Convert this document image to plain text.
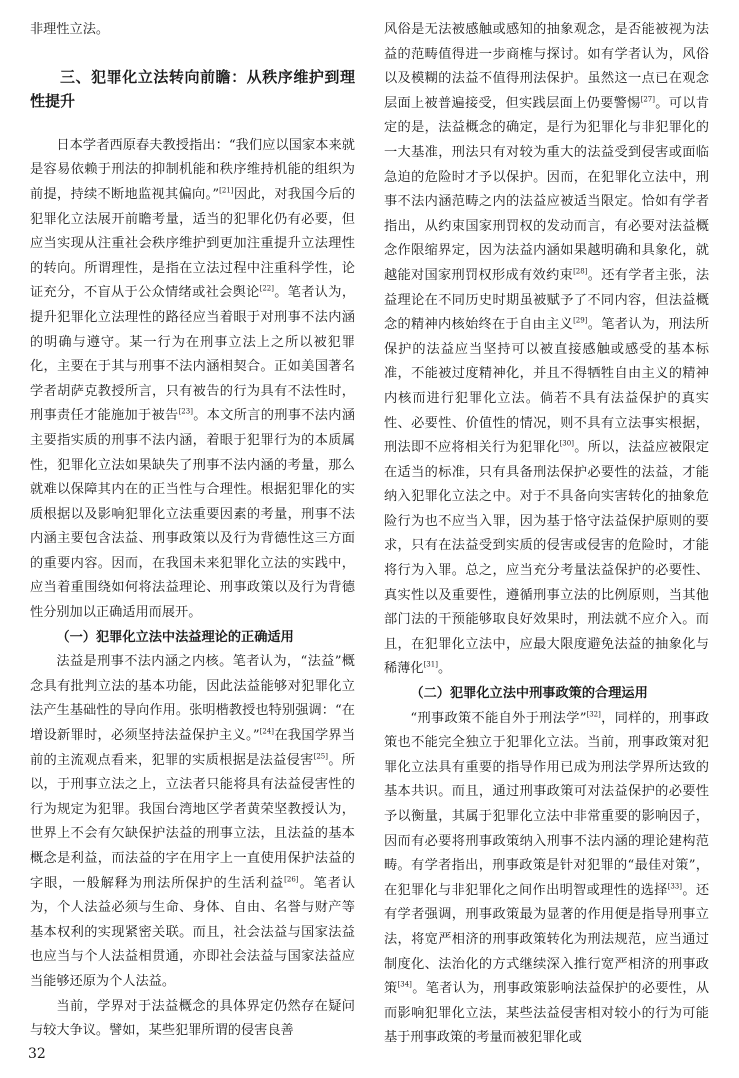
非理性立法。

三、犯罪化立法转向前瞻：从秩序维护到理性提升

日本学者西原春夫教授指出：“我们应以国家本来就是容易依赖于刑法的抑制机能和秩序维持机能的组织为前提，持续不断地监视其偏向。”[21]因此，对我国今后的犯罪化立法展开前瞻考量，适当的犯罪化仍有必要，但应当实现从注重社会秩序维护到更加注重提升立法理性的转向。所谓理性，是指在立法过程中注重科学性，论证充分，不盲从于公众情绪或社会舆论[22]。笔者认为，提升犯罪化立法理性的路径应当着眼于对刑事不法内涵的明确与遵守。某一行为在刑事立法上之所以被犯罪化，主要在于其与刑事不法内涵相契合。正如美国著名学者胡萨克教授所言，只有被告的行为具有不法性时，刑事责任才能施加于被告[23]。本文所言的刑事不法内涵主要指实质的刑事不法内涵，着眼于犯罪行为的本质属性，犯罪化立法如果缺失了刑事不法内涵的考量，那么就难以保障其内在的正当性与合理性。根据犯罪化的实质根据以及影响犯罪化立法重要因素的考量，刑事不法内涵主要包含法益、刑事政策以及行为背德性这三方面的重要内容。因而，在我国未来犯罪化立法的实践中，应当着重围绕如何将法益理论、刑事政策以及行为背德性分别加以正确适用而展开。

（一）犯罪化立法中法益理论的正确适用

法益是刑事不法内涵之内核。笔者认为，“法益”概念具有批判立法的基本功能，因此法益能够对犯罪化立法产生基础性的导向作用。张明楷教授也特别强调：“在增设新罪时，必须坚持法益保护主义。”[24]在我国学界当前的主流观点看来，犯罪的实质根据是法益侵害[25]。所以，于刑事立法之上，立法者只能将具有法益侵害性的行为规定为犯罪。我国台湾地区学者黄荣坚教授认为，世界上不会有欠缺保护法益的刑事立法，且法益的基本概念是利益，而法益的字在用字上一直使用保护法益的字眼，一般解释为刑法所保护的生活利益[26]。笔者认为，个人法益必须与生命、身体、自由、名誉与财产等基本权利的实现紧密关联。而且，社会法益与国家法益也应当与个人法益相贯通，亦即社会法益与国家法益应当能够还原为个人法益。

当前，学界对于法益概念的具体界定仍然存在疑问与较大争议。譬如，某些犯罪所谓的侵害良善

风俗是无法被感触或感知的抽象观念，是否能被视为法益的范畴值得进一步商榷与探讨。如有学者认为，风俗以及模糊的法益不值得刑法保护。虽然这一点已在观念层面上被普遍接受，但实践层面上仍要警惕[27]。可以肯定的是，法益概念的确定，是行为犯罪化与非犯罪化的一大基准，刑法只有对较为重大的法益受到侵害或面临急迫的危险时才予以保护。因而，在犯罪化立法中，刑事不法内涵范畴之内的法益应被适当限定。恰如有学者指出，从约束国家刑罚权的发动而言，有必要对法益概念作限缩界定，因为法益内涵如果越明确和具象化，就越能对国家刑罚权形成有效约束[28]。还有学者主张，法益理论在不同历史时期虽被赋予了不同内容，但法益概念的精神内核始终在于自由主义[29]。笔者认为，刑法所保护的法益应当坚持可以被直接感触或感受的基本标准，不能被过度精神化，并且不得牺牲自由主义的精神内核而进行犯罪化立法。倘若不具有法益保护的真实性、必要性、价值性的情况，则不具有立法事实根据，刑法即不应将相关行为犯罪化[30]。所以，法益应被限定在适当的标准，只有具备刑法保护必要性的法益，才能纳入犯罪化立法之中。对于不具备向实害转化的抽象危险行为也不应当入罪，因为基于恪守法益保护原则的要求，只有在法益受到实质的侵害或侵害的危险时，才能将行为入罪。总之，应当充分考量法益保护的必要性、真实性以及重要性，遵循刑事立法的比例原则，当其他部门法的干预能够取良好效果时，刑法就不应介入。而且，在犯罪化立法中，应最大限度避免法益的抽象化与稀薄化[31]。

（二）犯罪化立法中刑事政策的合理运用

“刑事政策不能自外于刑法学”[32]，同样的，刑事政策也不能完全独立于犯罪化立法。当前，刑事政策对犯罪化立法具有重要的指导作用已成为刑法学界所达致的基本共识。而且，通过刑事政策可对法益保护的必要性予以衡量，其属于犯罪化立法中非常重要的影响因子，因而有必要将刑事政策纳入刑事不法内涵的理论建构范畴。有学者指出，刑事政策是针对犯罪的“最佳对策”，在犯罪化与非犯罪化之间作出明智或理性的选择[33]。还有学者强调，刑事政策最为显著的作用便是指导刑事立法，将宽严相济的刑事政策转化为刑法规范，应当通过制度化、法治化的方式继续深入推行宽严相济的刑事政策[34]。笔者认为，刑事政策影响法益保护的必要性，从而影响犯罪化立法，某些法益侵害相对较小的行为可能基于刑事政策的考量而被犯罪化或

32
